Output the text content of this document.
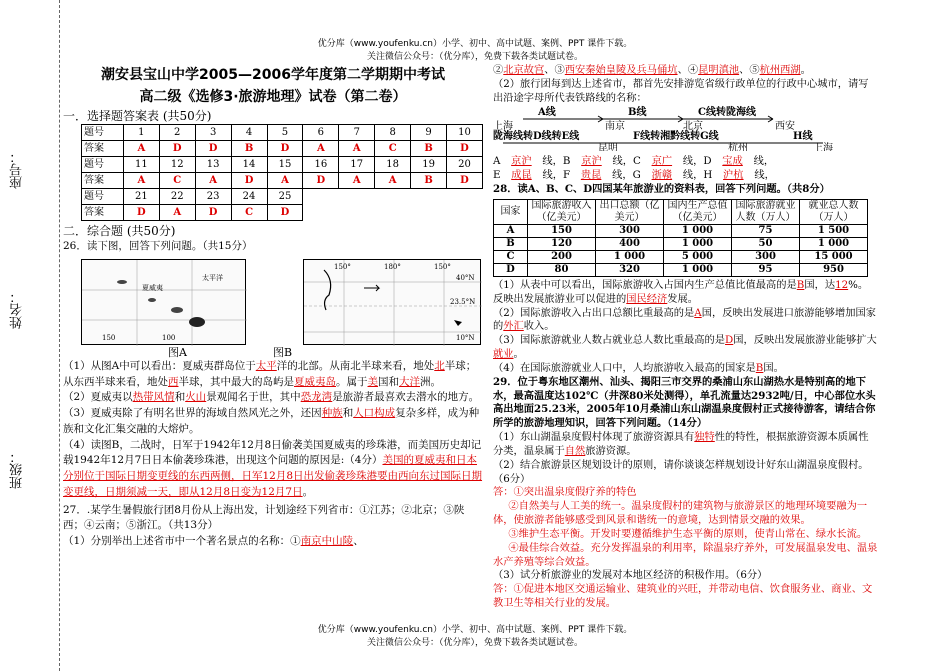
优分库（www.youfenku.cn）小学、初中、高中试题、案例、PPT 课件下载。
关注微信公众号：（优分库），免费下载各类试题试卷。
座号：
姓名：
班级：
潮安县宝山中学2005—2006学年度第二学期期中考试
高二级《选修3·旅游地理》试卷（第二卷）
一．选择题答案表 (共50分)
题号	1	2	3	4	5	6	7	8	9	10
答案	A	D	D	B	D	A	A	C	B	D
题号	11	12	13	14	15	16	17	18	19	20
答案	A	C	A	D	A	D	A	A	B	D
题号	21	22	23	24	25					
答案	D	A	D	C	D					
二．综合题 (共50分)

26．读下图，回答下列问题。（共15分）

150
太平洋
夏威夷
100
150°	180°	150°
40°N
23.5°N
10°N
图A	图B

（1）从图A中可以看出：夏威夷群岛位于太平洋的北部。从南北半球来看，地处北半球；从东西半球来看，地处西半球，其中最大的岛屿是夏威夷岛。属于美国和大洋洲。

（2）夏威夷以热带风情和火山景观闻名于世，其中恐龙湾是旅游者最喜欢去潜水的地方。

（3）夏威夷除了有明名世界的海域自然风光之外，还因种族和人口构成复杂多样，成为种族和文化汇集交融的大熔炉。

（4）读图B，二战时，日军于1942年12月8日偷袭美国夏威夷的珍珠港，而美国历史却记载1942年12月7日日本偷袭珍珠港，出现这个问题的原因是:（4分）美国的夏威夷和日本分别位于国际日期变更线的东西两侧，日军12月8日出发偷袭珍珠港要由西向东过国际日期变更线，日期须减一天，即从12月8日变为12月7日。

27．.某学生暑假旅行团8月份从上海出发，计划途经下列省市：①江苏；②北京；③陕西；④云南；⑤浙江。（共13分）

（1）分别举出上述省市中一个著名景点的名称：①南京中山陵、

②北京故宫、③西安秦始皇陵及兵马俑坑、④昆明滇池、⑤杭州西湖。

（2）旅行团每到达上述省市，都首先安排游览省级行政单位的行政中心城市，请写出沿途字母所代表铁路线的名称：

A线	B线	C线转陇海线
上海	南京	北京	西安
陇海线转D线转E线	F线转湘黔线转G线	H线
昆明	杭州	上海

A 京沪 线，B 京沪 线，C 京广 线，D 宝成 线，

E 成昆 线，F 贵昆 线，G 浙赣 线，H 沪杭 线，

28．读A、B、C、D四国某年旅游业的资料表，回答下列问题。（共8分）

国家	国际旅游收入（亿美元）	出口总额（亿美元）	国内生产总值（亿美元）	国际旅游就业人数（万人）	就业总人数（万人）
A	150	300	1 000	75	1 500
B	120	400	1 000	50	1 000
C	200	1 000	5 000	300	15 000
D	80	320	1 000	95	950

（1）从表中可以看出，国际旅游收入占国内生产总值比值最高的是B国，达12%。反映出发展旅游业可以促进的国民经济发展。

（2）国际旅游收入占出口总额比重最高的是A国，反映出发展进口旅游能够增加国家的外汇收入。

（3）国际旅游就业人数占就业总人数比重最高的是D国，反映出发展旅游业能够扩大就业。

（4）在国际旅游就业人口中，人均旅游收入最高的国家是B国。

29．位于粤东地区潮州、汕头、揭阳三市交界的桑浦山东山湖热水是特别高的地下水，最高温度达102℃（井深80米处测得），单孔流量达2932吨/日，中心部位水头高出地面25.23米，2005年10月桑浦山东山湖温泉度假村正式接待游客，请结合你所学的旅游地理知识，回答下列问题。（14分）

（1）东山湖温泉度假村体现了旅游资源具有独特性的特性，根据旅游资源本质属性分类，温泉属于自然旅游资源。

（2）结合旅游景区规划设计的原则，请你谈谈怎样规划设计好东山湖温泉度假村。（6分）

答：①突出温泉度假疗养的特色

②自然美与人工美的统一。温泉度假村的建筑物与旅游景区的地理环境要融为一体，使旅游者能够感受到风景和谐统一的意境，达到情景交融的效果。

③维护生态平衡。开发时要遵循维护生态平衡的原则，使青山常在、绿水长流。

④最佳综合效益。充分发挥温泉的利用率，除温泉疗养外，可发展温泉发电、温泉水产养殖等综合效益。

（3）试分析旅游业的发展对本地区经济的积极作用。（6分）

答：①促进本地区交通运输业、建筑业的兴旺，并带动电信、饮食服务业、商业、文教卫生等相关行业的发展。

优分库（www.youfenku.cn）小学、初中、高中试题、案例、PPT 课件下载。
关注微信公众号：（优分库），免费下载各类试题试卷。
